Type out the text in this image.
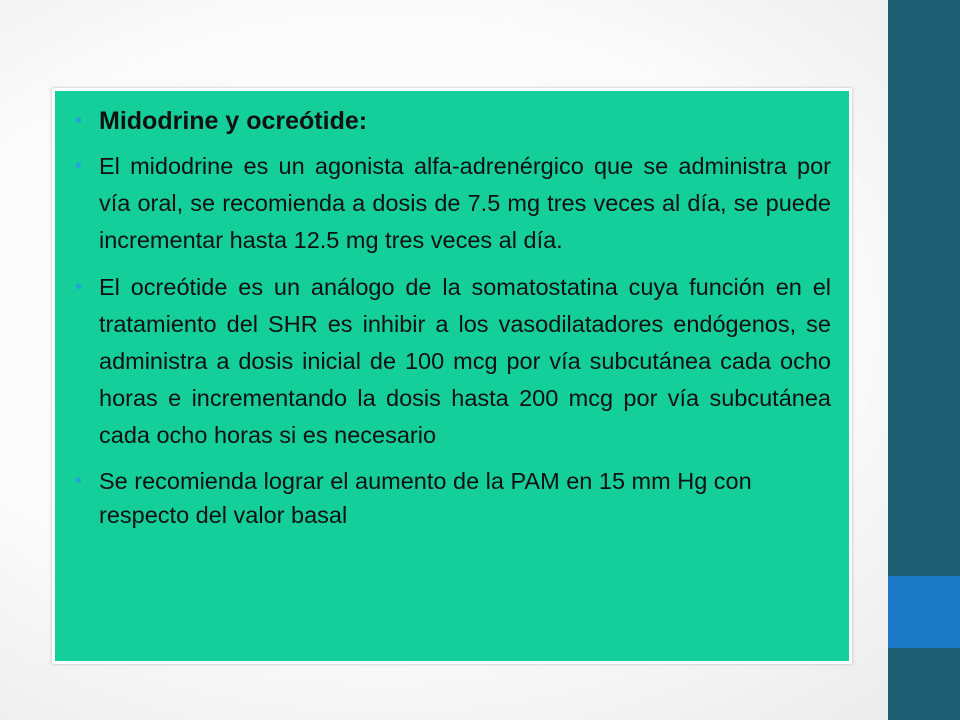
• Midodrine y ocreótide:
• El midodrine es un agonista alfa-adrenérgico que se administra por vía oral, se recomienda a dosis de 7.5 mg tres veces al día, se puede incrementar hasta 12.5 mg tres veces al día.
• El ocreótide es un análogo de la somatostatina cuya función en el tratamiento del SHR es inhibir a los vasodilatadores endógenos, se administra a dosis inicial de 100 mcg por vía subcutánea cada ocho horas e incrementando la dosis hasta 200 mcg por vía subcutánea cada ocho horas si es necesario
• Se recomienda lograr el aumento de la PAM en 15 mm Hg con respecto del valor basal
